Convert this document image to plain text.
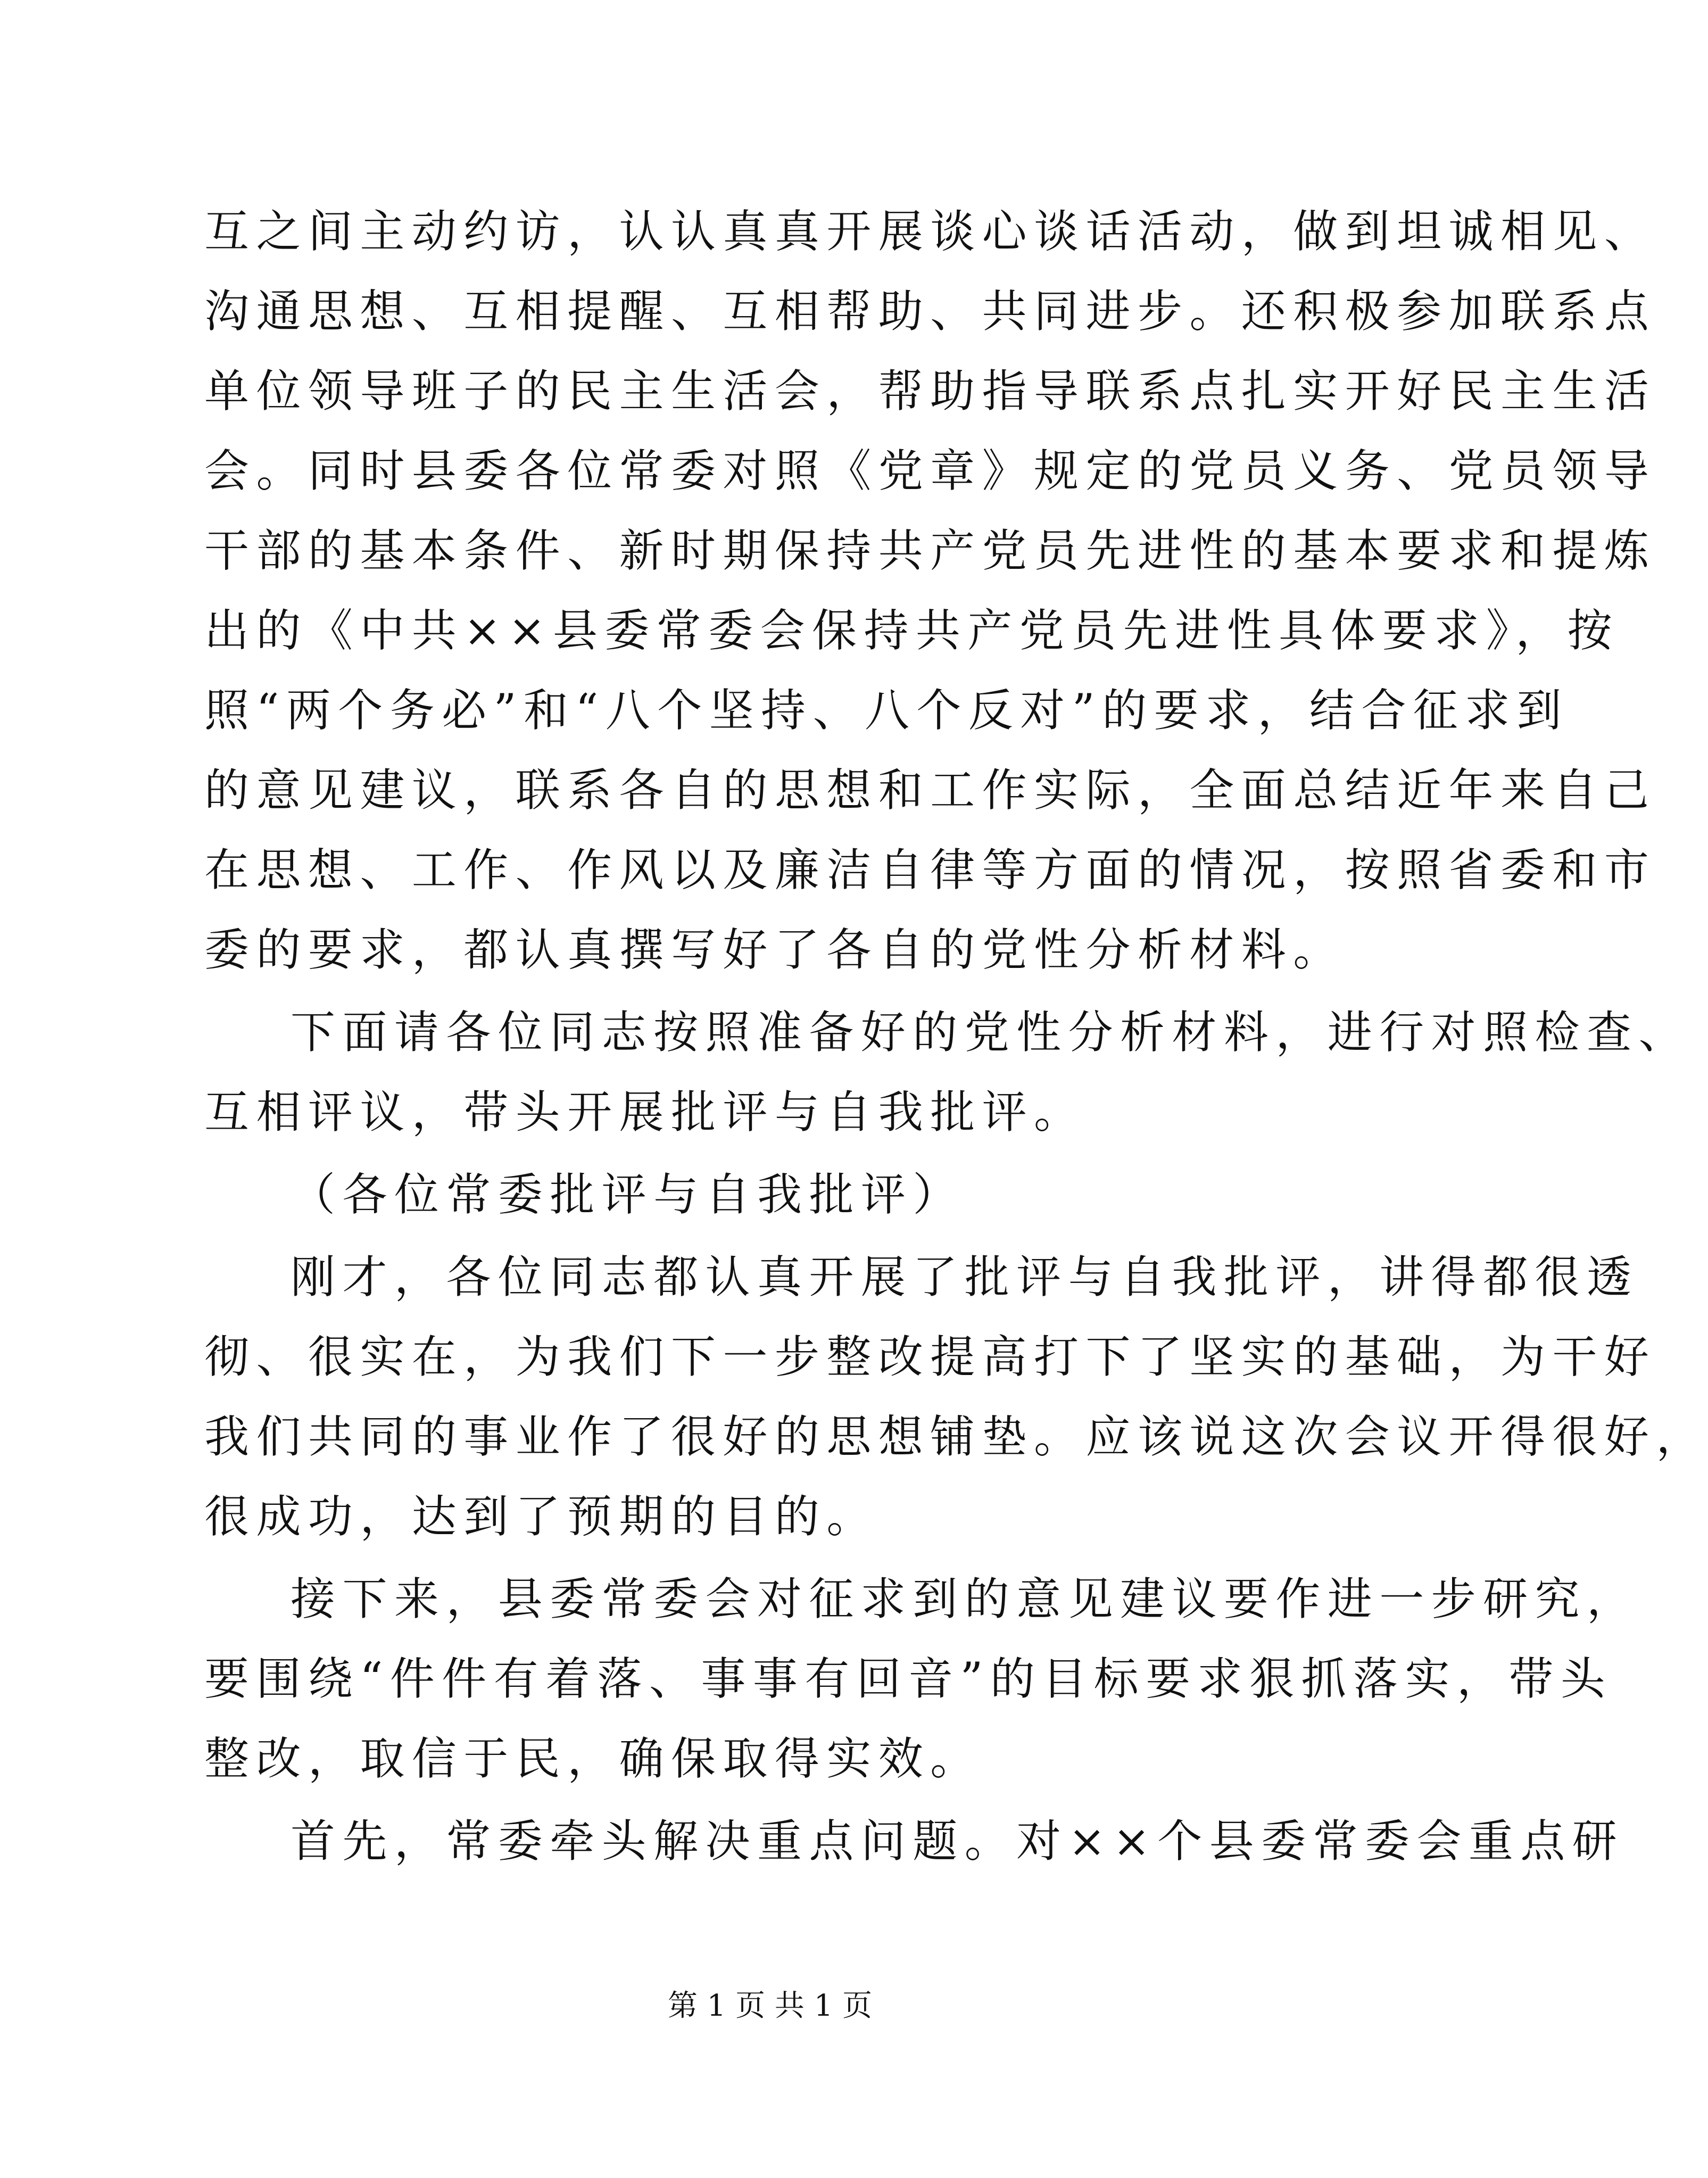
互之间主动约访，认认真真开展谈心谈话活动，做到坦诚相见、

沟通思想、互相提醒、互相帮助、共同进步。还积极参加联系点

单位领导班子的民主生活会，帮助指导联系点扎实开好民主生活

会。同时县委各位常委对照《党章》规定的党员义务、党员领导

干部的基本条件、新时期保持共产党员先进性的基本要求和提炼

出的《中共××县委常委会保持共产党员先进性具体要求》，按

照“两个务必”和“八个坚持、八个反对”的要求，结合征求到

的意见建议，联系各自的思想和工作实际，全面总结近年来自己

在思想、工作、作风以及廉洁自律等方面的情况，按照省委和市

委的要求，都认真撰写好了各自的党性分析材料。

下面请各位同志按照准备好的党性分析材料，进行对照检查、

互相评议，带头开展批评与自我批评。

（各位常委批评与自我批评）

刚才，各位同志都认真开展了批评与自我批评，讲得都很透

彻、很实在，为我们下一步整改提高打下了坚实的基础，为干好

我们共同的事业作了很好的思想铺垫。应该说这次会议开得很好，

很成功，达到了预期的目的。

接下来，县委常委会对征求到的意见建议要作进一步研究，

要围绕“件件有着落、事事有回音”的目标要求狠抓落实，带头

整改，取信于民，确保取得实效。

首先，常委牵头解决重点问题。对××个县委常委会重点研

第 1 页 共 1 页
